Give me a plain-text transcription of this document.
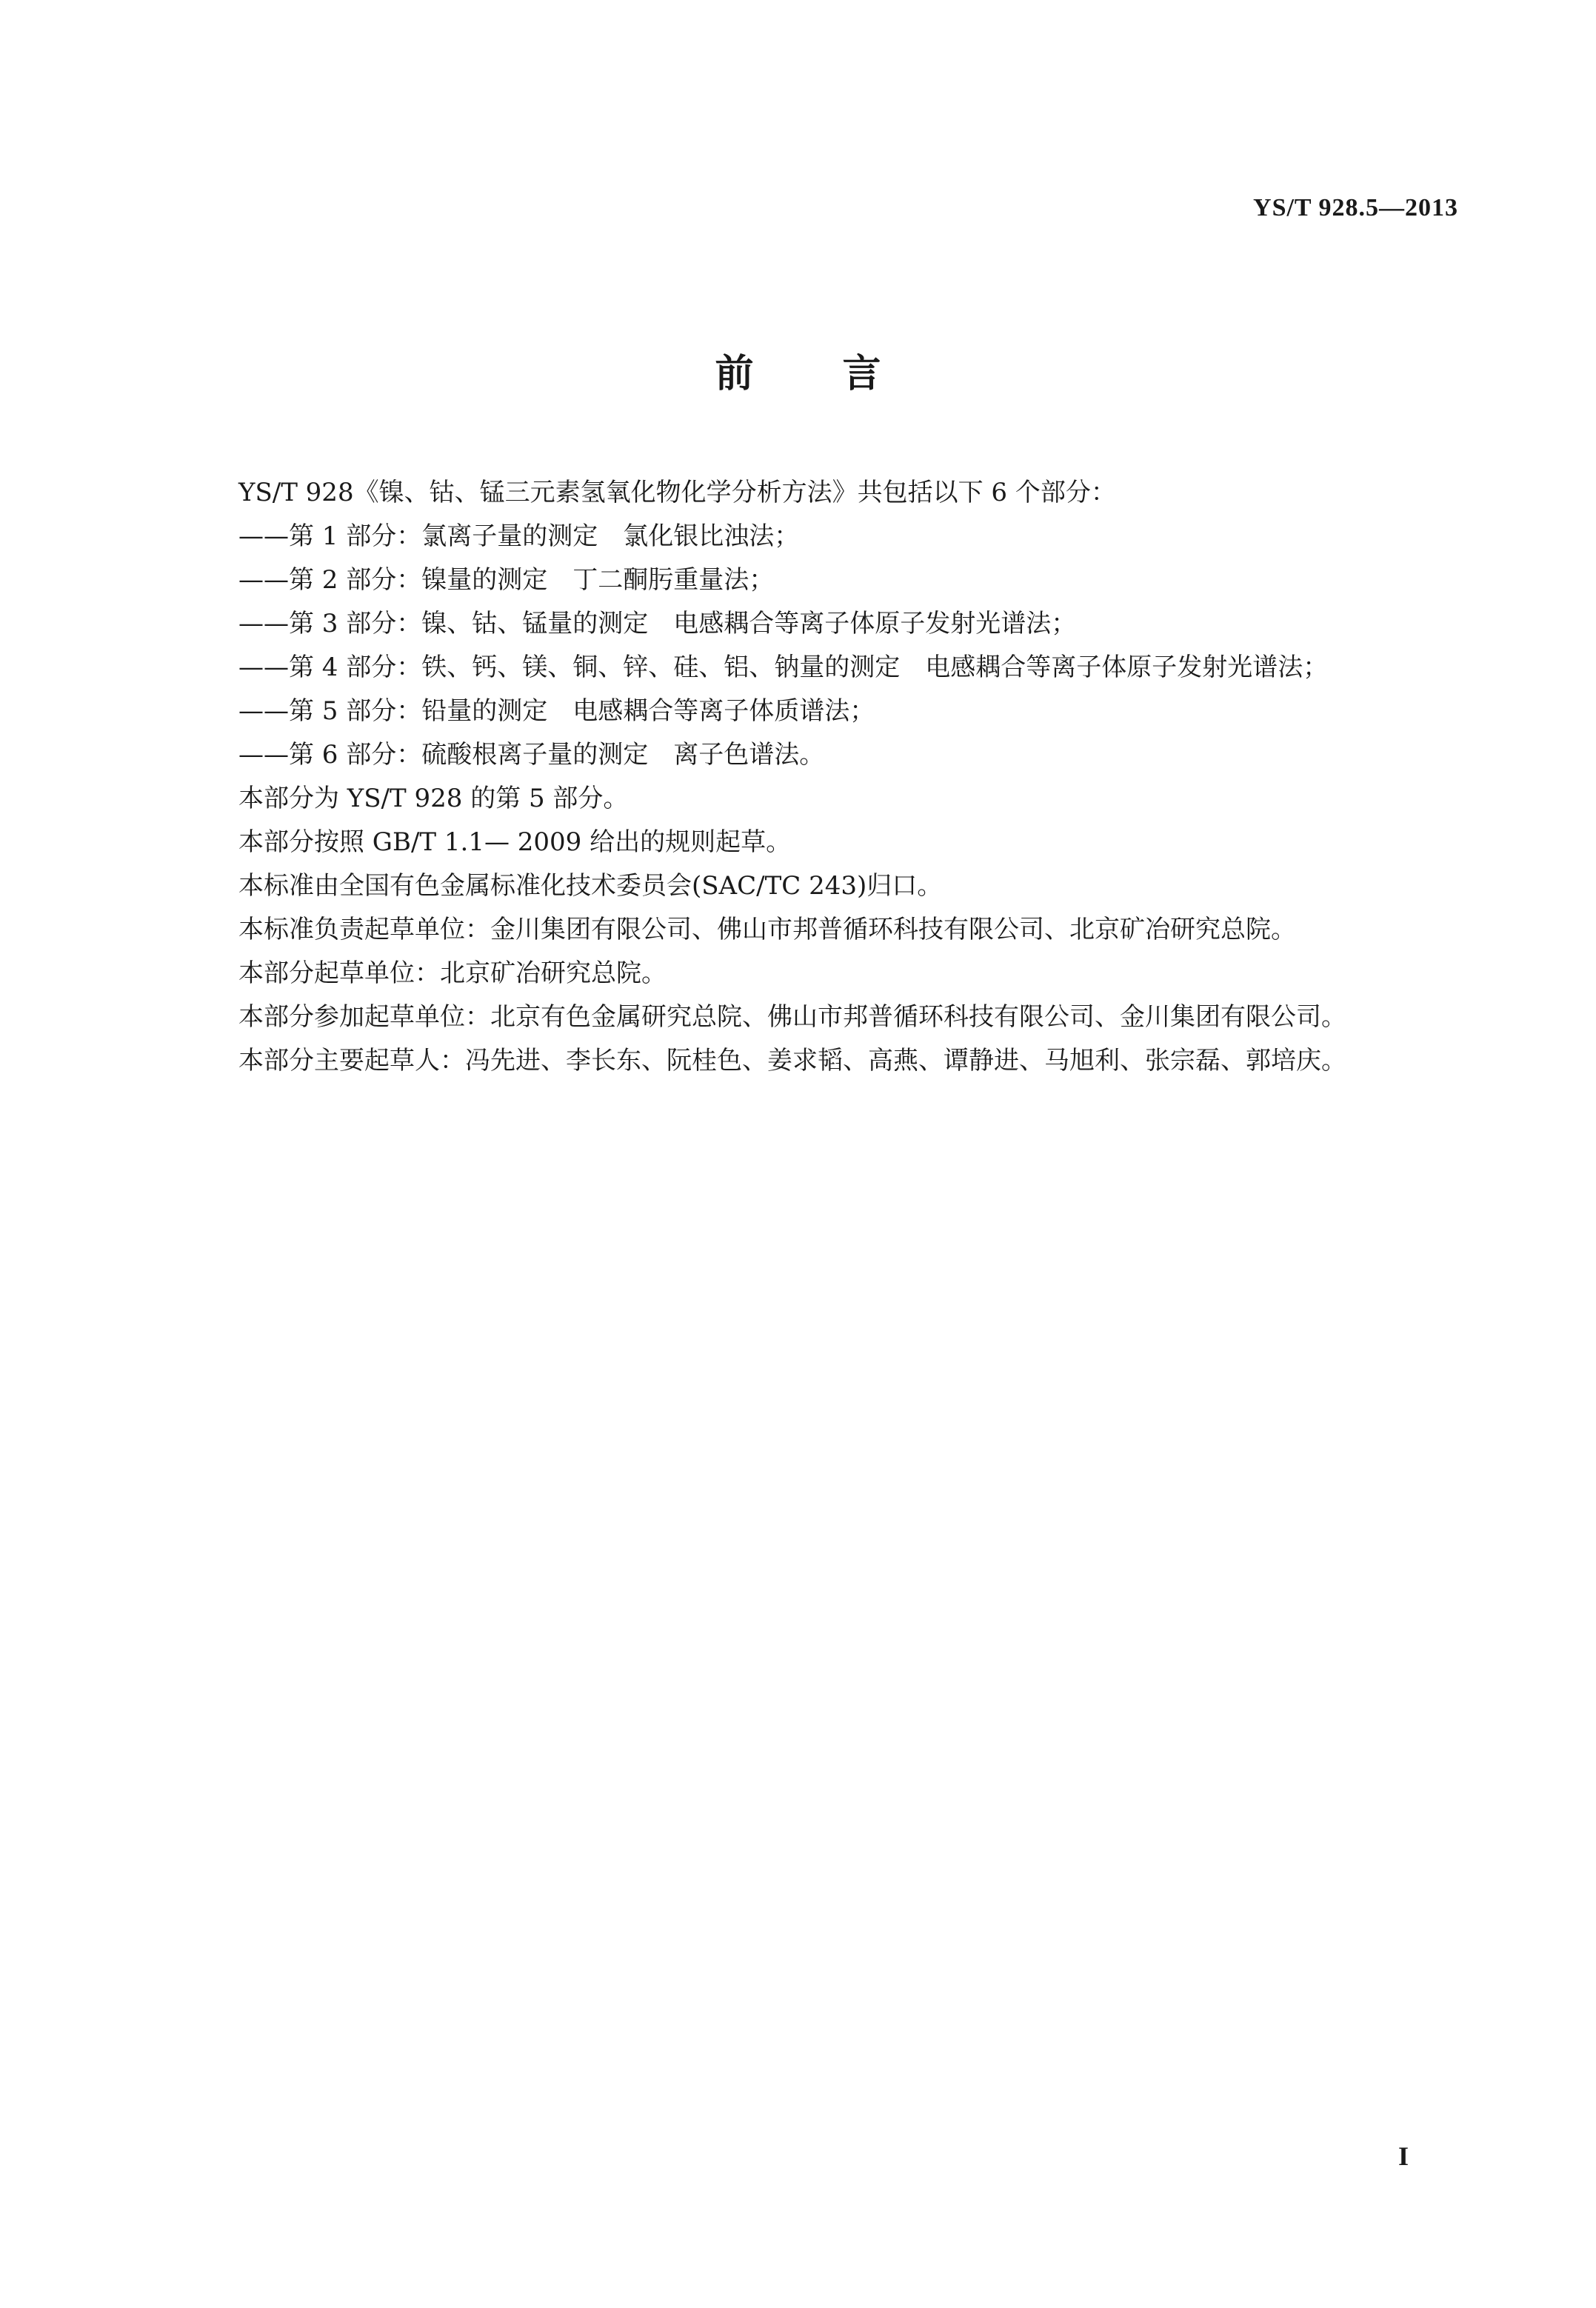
YS/T 928.5—2013
前言
YS/T 928《镍、钴、锰三元素氢氧化物化学分析方法》共包括以下 6 个部分：
——第 1 部分：氯离子量的测定　氯化银比浊法；
——第 2 部分：镍量的测定　丁二酮肟重量法；
——第 3 部分：镍、钴、锰量的测定　电感耦合等离子体原子发射光谱法；
——第 4 部分：铁、钙、镁、铜、锌、硅、铝、钠量的测定　电感耦合等离子体原子发射光谱法；
——第 5 部分：铅量的测定　电感耦合等离子体质谱法；
——第 6 部分：硫酸根离子量的测定　离子色谱法。
本部分为 YS/T 928 的第 5 部分。
本部分按照 GB/T 1.1— 2009 给出的规则起草。
本标准由全国有色金属标准化技术委员会(SAC/TC 243)归口。
本标准负责起草单位：金川集团有限公司、佛山市邦普循环科技有限公司、北京矿冶研究总院。
本部分起草单位：北京矿冶研究总院。
本部分参加起草单位：北京有色金属研究总院、佛山市邦普循环科技有限公司、金川集团有限公司。
本部分主要起草人：冯先进、李长东、阮桂色、姜求韬、高燕、谭静进、马旭利、张宗磊、郭培庆。
I
